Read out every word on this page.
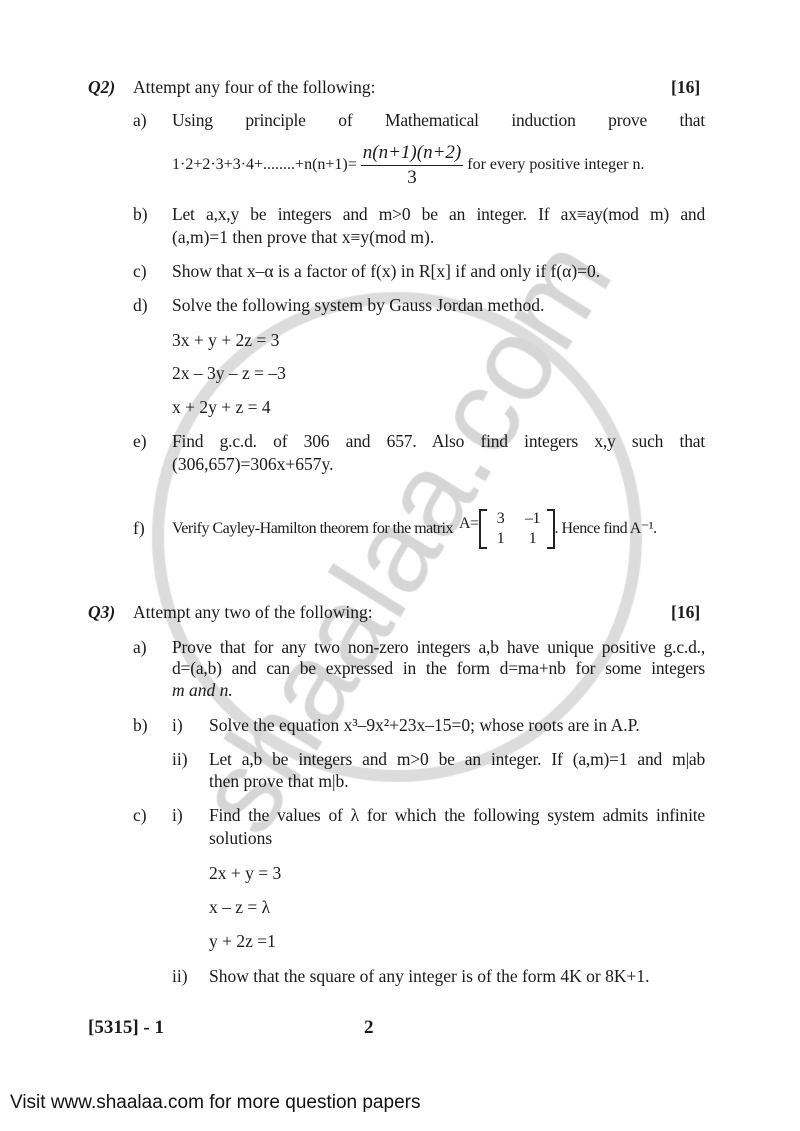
Q2) Attempt any four of the following:	[16]
a) Using principle of Mathematical induction prove that
$1\cdot 2+2\cdot 3+3\cdot 4+........+n(n+1)= \frac{n(n+1)(n+2)}{3}$ for every positive integer n.
b) Let a,x,y be integers and m>0 be an integer. If ax≡ay(mod m) and
(a,m)=1 then prove that x≡y(mod m).
c) Show that x–α is a factor of f(x) in R[x] if and only if f(α)=0.
d) Solve the following system by Gauss Jordan method.
3x + y + 2z = 3
2x – 3y – z = –3
x + 2y + z = 4
e) Find g.c.d. of 306 and 657. Also find integers x,y such that
(306,657)=306x+657y.
f) Verify Cayley-Hamilton theorem for the matrix A=	3	–1
1	1
. Hence find A⁻¹.
Q3) Attempt any two of the following:	[16]
a) Prove that for any two non-zero integers a,b have unique positive g.c.d.,
d=(a,b) and can be expressed in the form d=ma+nb for some integers
m and n.
b) i) Solve the equation x³–9x²+23x–15=0; whose roots are in A.P.
ii) Let a,b be integers and m>0 be an integer. If (a,m)=1 and m|ab
then prove that m|b.
c) i) Find the values of λ for which the following system admits infinite
solutions
2x + y = 3
x – z = λ
y + 2z =1
ii) Show that the square of any integer is of the form 4K or 8K+1.
[5315] - 1	2
Visit www.shaalaa.com for more question papers
